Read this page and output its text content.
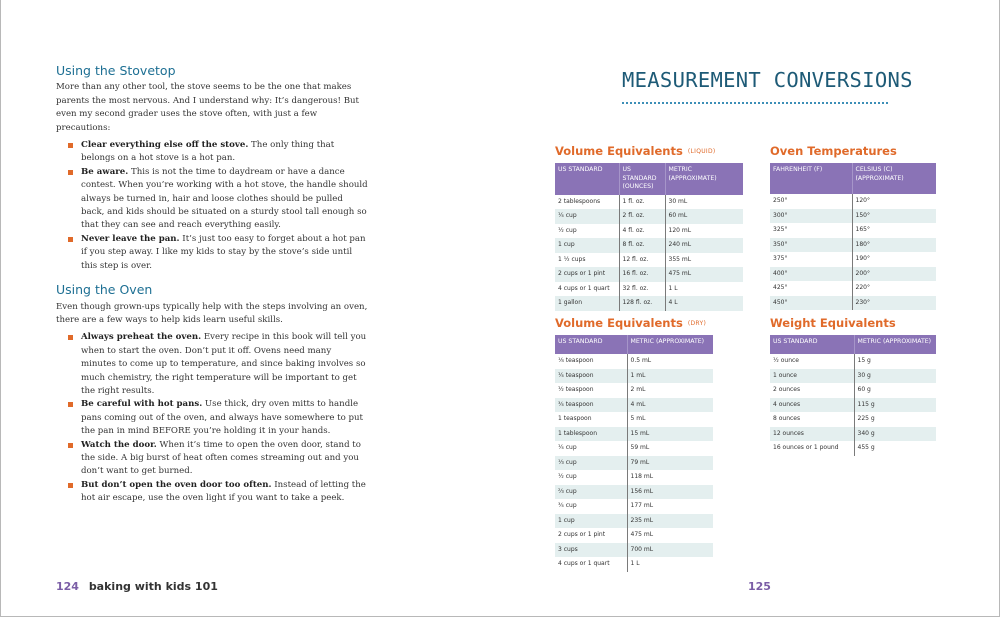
Using the Stovetop

More than any other tool, the stove seems to be the one that makes parents the most nervous. And I understand why: It’s dangerous! But even my second grader uses the stove often, with just a few precautions:

Clear everything else off the stove. The only thing that belongs on a hot stove is a hot pan.
Be aware. This is not the time to daydream or have a dance contest. When you’re working with a hot stove, the handle should always be turned in, hair and loose clothes should be pulled back, and kids should be situated on a sturdy stool tall enough so that they can see and reach everything easily.
Never leave the pan. It’s just too easy to forget about a hot pan if you step away. I like my kids to stay by the stove’s side until this step is over.
Using the Oven

Even though grown-ups typically help with the steps involving an oven, there are a few ways to help kids learn useful skills.

Always preheat the oven. Every recipe in this book will tell you when to start the oven. Don’t put it off. Ovens need many minutes to come up to temperature, and since baking involves so much chemistry, the right temperature will be important to get the right results.
Be careful with hot pans. Use thick, dry oven mitts to handle pans coming out of the oven, and always have somewhere to put the pan in mind BEFORE you’re holding it in your hands.
Watch the door. When it’s time to open the oven door, stand to the side. A big burst of heat often comes streaming out and you don’t want to get burned.
But don’t open the oven door too often. Instead of letting the hot air escape, use the oven light if you want to take a peek.
124 baking with kids 101
MEASUREMENT CONVERSIONS
Volume Equivalents (LIQUID)
US STANDARD	US STANDARD (OUNCES)	METRIC (APPROXIMATE)
2 tablespoons	1 fl. oz.	30 mL
¼ cup	2 fl. oz.	60 mL
½ cup	4 fl. oz.	120 mL
1 cup	8 fl. oz.	240 mL
1 ½ cups	12 fl. oz.	355 mL
2 cups or 1 pint	16 fl. oz.	475 mL
4 cups or 1 quart	32 fl. oz.	1 L
1 gallon	128 fl. oz.	4 L
Oven Temperatures
FAHRENHEIT (F)	CELSIUS (C) (APPROXIMATE)
250°	120°
300°	150°
325°	165°
350°	180°
375°	190°
400°	200°
425°	220°
450°	230°
Volume Equivalents (DRY)
US STANDARD	METRIC (APPROXIMATE)
⅛ teaspoon	0.5 mL
¼ teaspoon	1 mL
½ teaspoon	2 mL
¾ teaspoon	4 mL
1 teaspoon	5 mL
1 tablespoon	15 mL
¼ cup	59 mL
⅓ cup	79 mL
½ cup	118 mL
⅔ cup	156 mL
¾ cup	177 mL
1 cup	235 mL
2 cups or 1 pint	475 mL
3 cups	700 mL
4 cups or 1 quart	1 L
Weight Equivalents
US STANDARD	METRIC (APPROXIMATE)
½ ounce	15 g
1 ounce	30 g
2 ounces	60 g
4 ounces	115 g
8 ounces	225 g
12 ounces	340 g
16 ounces or 1 pound	455 g
125
